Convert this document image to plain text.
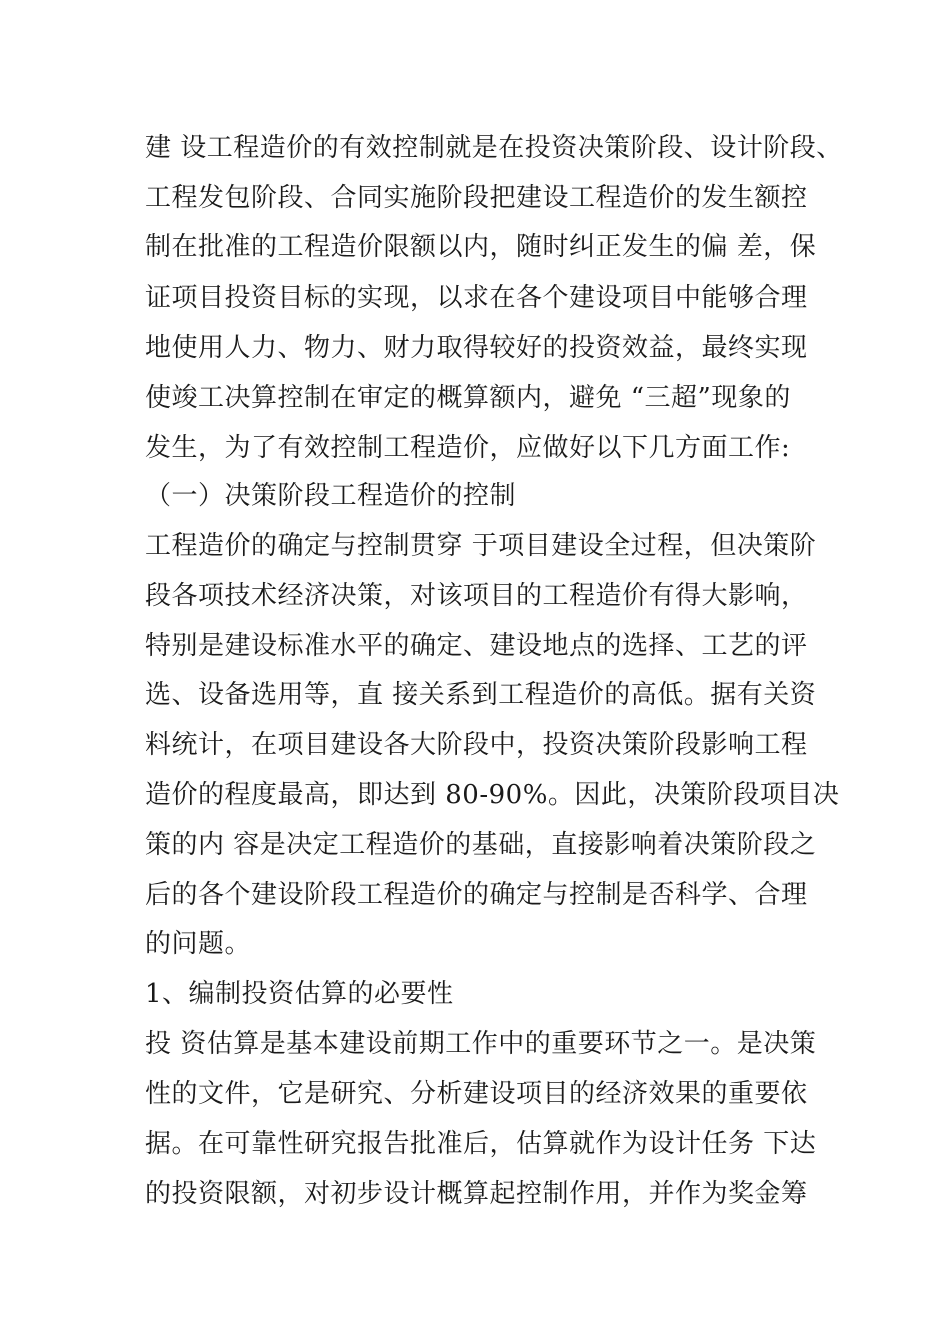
建 设工程造价的有效控制就是在投资决策阶段、设计阶段、
工程发包阶段、合同实施阶段把建设工程造价的发生额控
制在批准的工程造价限额以内，随时纠正发生的偏 差，保
证项目投资目标的实现，以求在各个建设项目中能够合理
地使用人力、物力、财力取得较好的投资效益，最终实现
使竣工决算控制在审定的概算额内，避免 “三超”现象的
发生，为了有效控制工程造价，应做好以下几方面工作:
（一）决策阶段工程造价的控制
工程造价的确定与控制贯穿 于项目建设全过程，但决策阶
段各项技术经济决策，对该项目的工程造价有得大影响，
特别是建设标准水平的确定、建设地点的选择、工艺的评
选、设备选用等，直 接关系到工程造价的高低。据有关资
料统计，在项目建设各大阶段中，投资决策阶段影响工程
造价的程度最高，即达到 80-90%。因此，决策阶段项目决
策的内 容是决定工程造价的基础，直接影响着决策阶段之
后的各个建设阶段工程造价的确定与控制是否科学、合理
的问题。
1、编制投资估算的必要性
投 资估算是基本建设前期工作中的重要环节之一。是决策
性的文件，它是研究、分析建设项目的经济效果的重要依
据。在可靠性研究报告批准后，估算就作为设计任务 下达
的投资限额，对初步设计概算起控制作用，并作为奖金筹
